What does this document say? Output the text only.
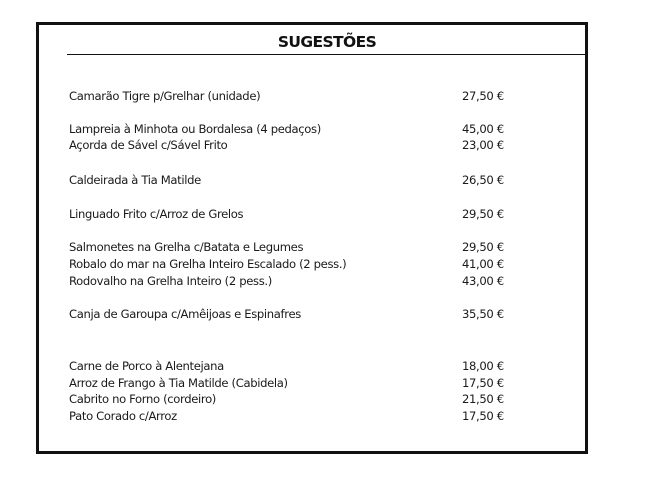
SUGESTÕES
Camarão Tigre p/Grelhar (unidade)	27,50 €
Lampreia à Minhota ou Bordalesa (4 pedaços)	45,00 €
Açorda de Sável c/Sável Frito	23,00 €
Caldeirada à Tia Matilde	26,50 €
Linguado Frito c/Arroz de Grelos	29,50 €
Salmonetes na Grelha c/Batata e Legumes	29,50 €
Robalo do mar na Grelha Inteiro Escalado (2 pess.)	41,00 €
Rodovalho na Grelha Inteiro (2 pess.)	43,00 €
Canja de Garoupa c/Amêijoas e Espinafres	35,50 €
Carne de Porco à Alentejana	18,00 €
Arroz de Frango à Tia Matilde (Cabidela)	17,50 €
Cabrito no Forno (cordeiro)	21,50 €
Pato Corado c/Arroz	17,50 €
